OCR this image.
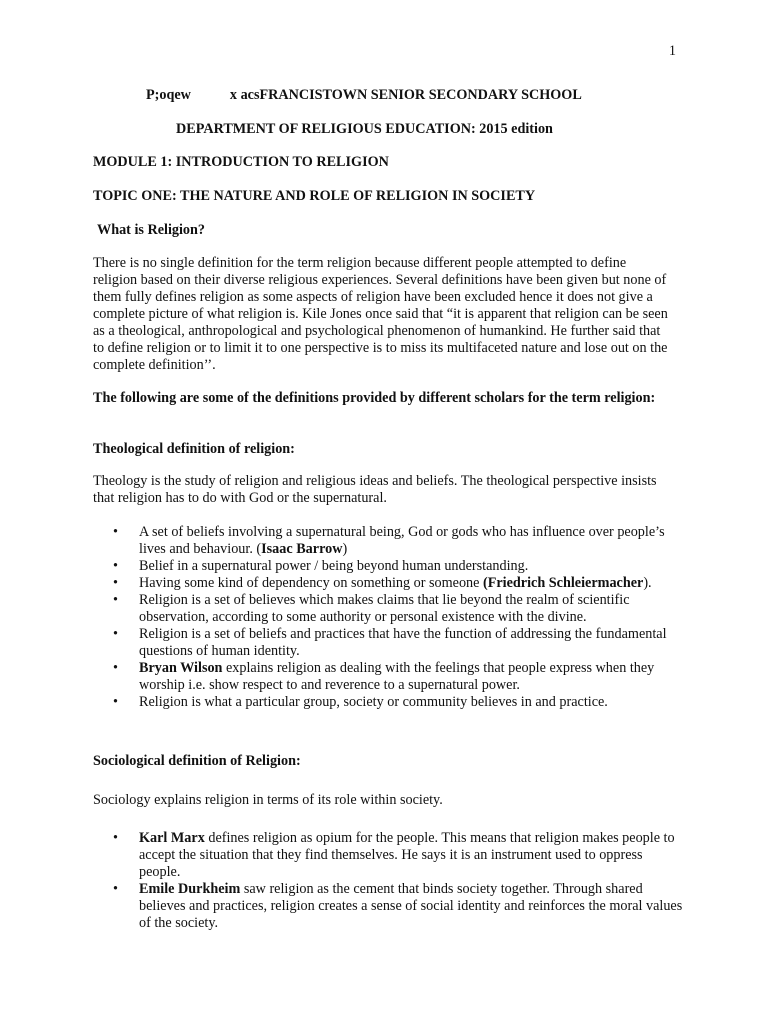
1
P;oqew           x acsFRANCISTOWN SENIOR SECONDARY SCHOOL
DEPARTMENT OF RELIGIOUS EDUCATION: 2015 edition
MODULE 1: INTRODUCTION TO RELIGION
TOPIC ONE: THE NATURE AND ROLE OF RELIGION IN SOCIETY
What is Religion?

There is no single definition for the term religion because different people attempted to define religion based on their diverse religious experiences. Several definitions have been given but none of them fully defines religion as some aspects of religion have been excluded hence it does not give a complete picture of what religion is. Kile Jones once said that “it is apparent that religion can be seen as a theological, anthropological and psychological phenomenon of humankind. He further said that to define religion or to limit it to one perspective is to miss its multifaceted nature and lose out on the complete definition’’.

The following are some of the definitions provided by different scholars for the term religion:

Theological definition of religion:

Theology is the study of religion and religious ideas and beliefs. The theological perspective insists that religion has to do with God or the supernatural.

• A set of beliefs involving a supernatural being, God or gods who has influence over people’s lives and behaviour. (Isaac Barrow)
• Belief in a supernatural power / being beyond human understanding.
• Having some kind of dependency on something or someone (Friedrich Schleiermacher).
• Religion is a set of believes which makes claims that lie beyond the realm of scientific observation, according to some authority or personal existence with the divine.
• Religion is a set of beliefs and practices that have the function of addressing the fundamental questions of human identity.
• Bryan Wilson explains religion as dealing with the feelings that people express when they worship i.e. show respect to and reverence to a supernatural power.
• Religion is what a particular group, society or community believes in and practice.
Sociological definition of Religion:
Sociology explains religion in terms of its role within society.
• Karl Marx defines religion as opium for the people. This means that religion makes people to accept the situation that they find themselves. He says it is an instrument used to oppress people.
• Emile Durkheim saw religion as the cement that binds society together. Through shared believes and practices, religion creates a sense of social identity and reinforces the moral values of the society.
